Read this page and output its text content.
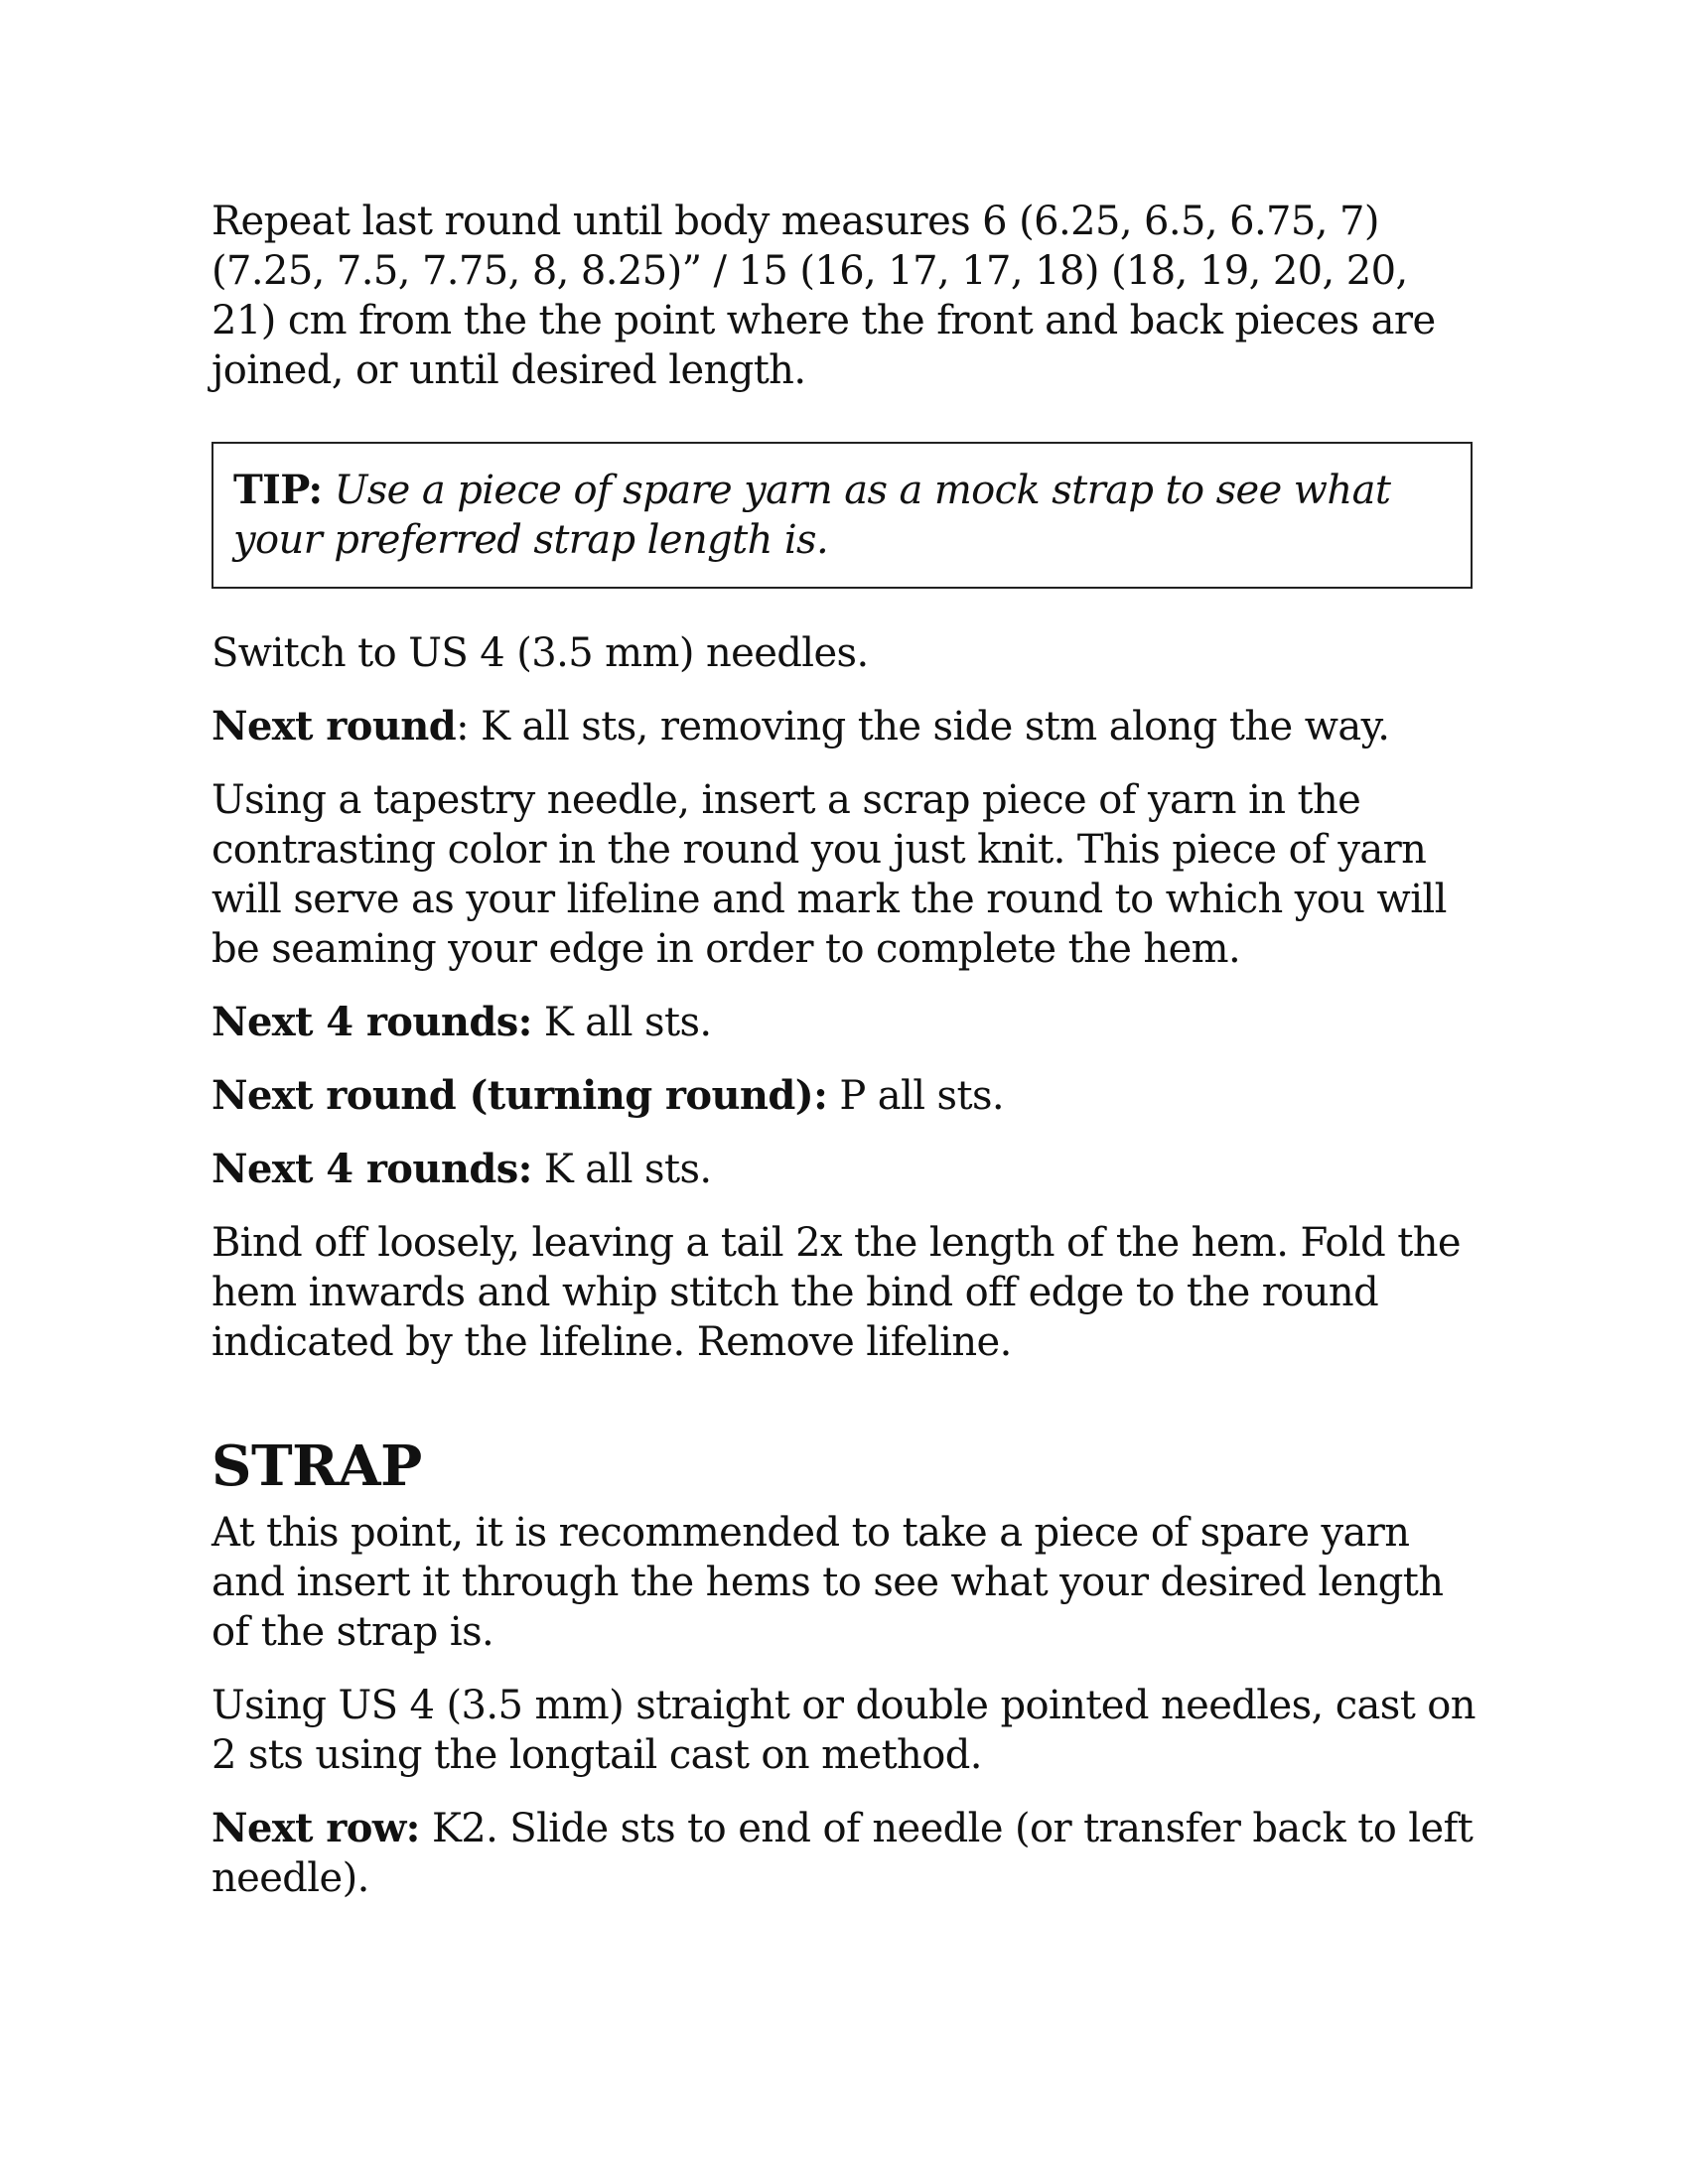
Repeat last round until body measures 6 (6.25, 6.5, 6.75, 7) (7.25, 7.5, 7.75, 8, 8.25)” / 15 (16, 17, 17, 18) (18, 19, 20, 20, 21) cm from the the point where the front and back pieces are joined, or until desired length.

TIP: Use a piece of spare yarn as a mock strap to see what your preferred strap length is.

Switch to US 4 (3.5 mm) needles.

Next round: K all sts, removing the side stm along the way.

Using a tapestry needle, insert a scrap piece of yarn in the contrasting color in the round you just knit. This piece of yarn will serve as your lifeline and mark the round to which you will be seaming your edge in order to complete the hem.

Next 4 rounds: K all sts.

Next round (turning round): P all sts.

Next 4 rounds: K all sts.

Bind off loosely, leaving a tail 2x the length of the hem. Fold the hem inwards and whip stitch the bind off edge to the round indicated by the lifeline. Remove lifeline.

STRAP

At this point, it is recommended to take a piece of spare yarn and insert it through the hems to see what your desired length of the strap is.

Using US 4 (3.5 mm) straight or double pointed needles, cast on 2 sts using the longtail cast on method.

Next row: K2. Slide sts to end of needle (or transfer back to left needle).
